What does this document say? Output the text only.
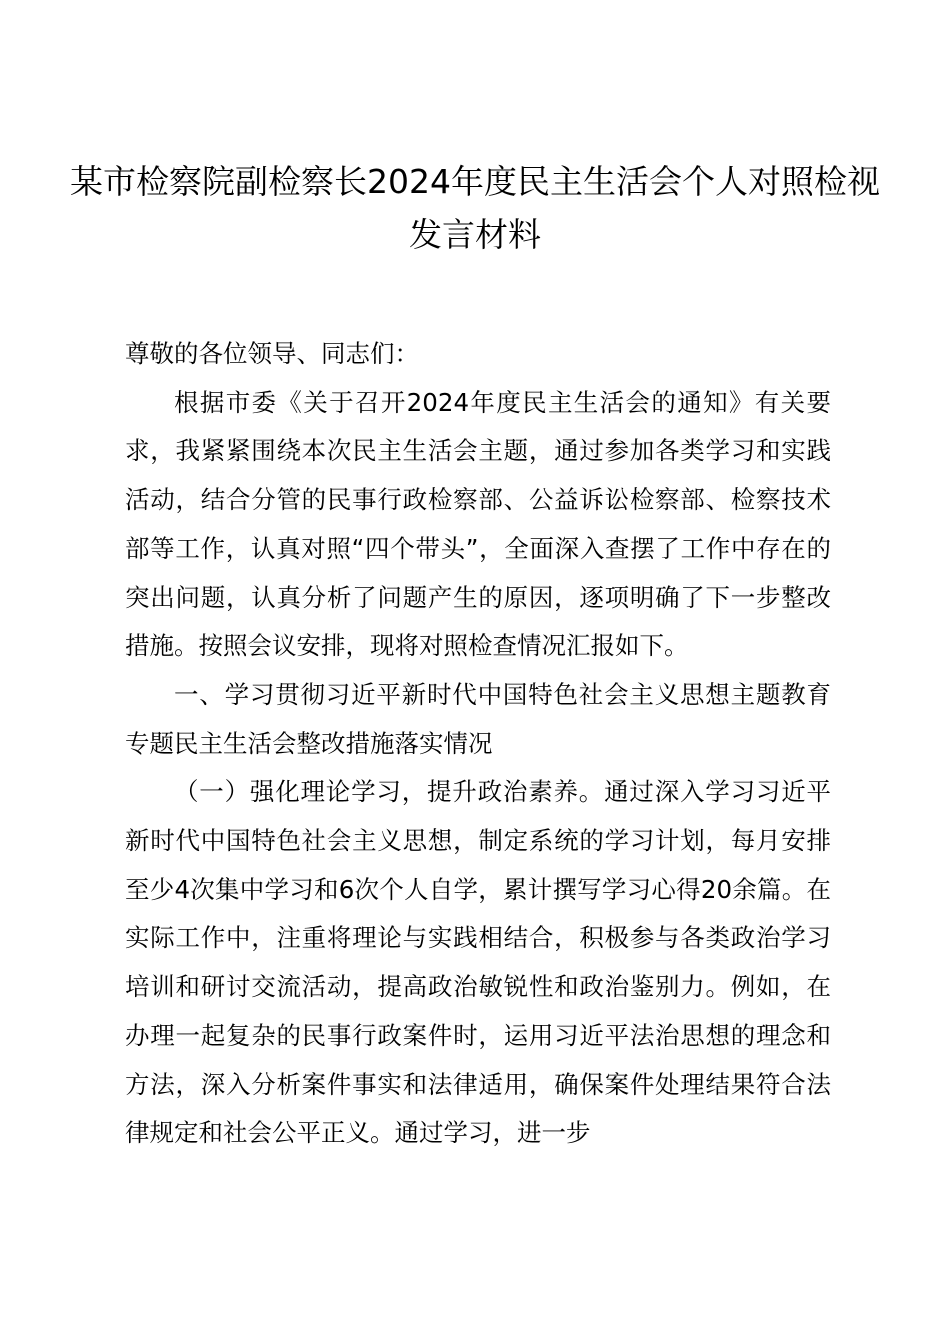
某市检察院副检察长2024年度民主生活会个人对照检视发言材料

尊敬的各位领导、同志们：

根据市委《关于召开2024年度民主生活会的通知》有关要求，我紧紧围绕本次民主生活会主题，通过参加各类学习和实践活动，结合分管的民事行政检察部、公益诉讼检察部、检察技术部等工作，认真对照“四个带头”，全面深入查摆了工作中存在的突出问题，认真分析了问题产生的原因，逐项明确了下一步整改措施。按照会议安排，现将对照检查情况汇报如下。

一、学习贯彻习近平新时代中国特色社会主义思想主题教育专题民主生活会整改措施落实情况

（一）强化理论学习，提升政治素养。通过深入学习习近平新时代中国特色社会主义思想，制定系统的学习计划，每月安排至少4次集中学习和6次个人自学，累计撰写学习心得20余篇。在实际工作中，注重将理论与实践相结合，积极参与各类政治学习培训和研讨交流活动，提高政治敏锐性和政治鉴别力。例如，在办理一起复杂的民事行政案件时，运用习近平法治思想的理念和方法，深入分析案件事实和法律适用，确保案件处理结果符合法律规定和社会公平正义。通过学习，进一步
